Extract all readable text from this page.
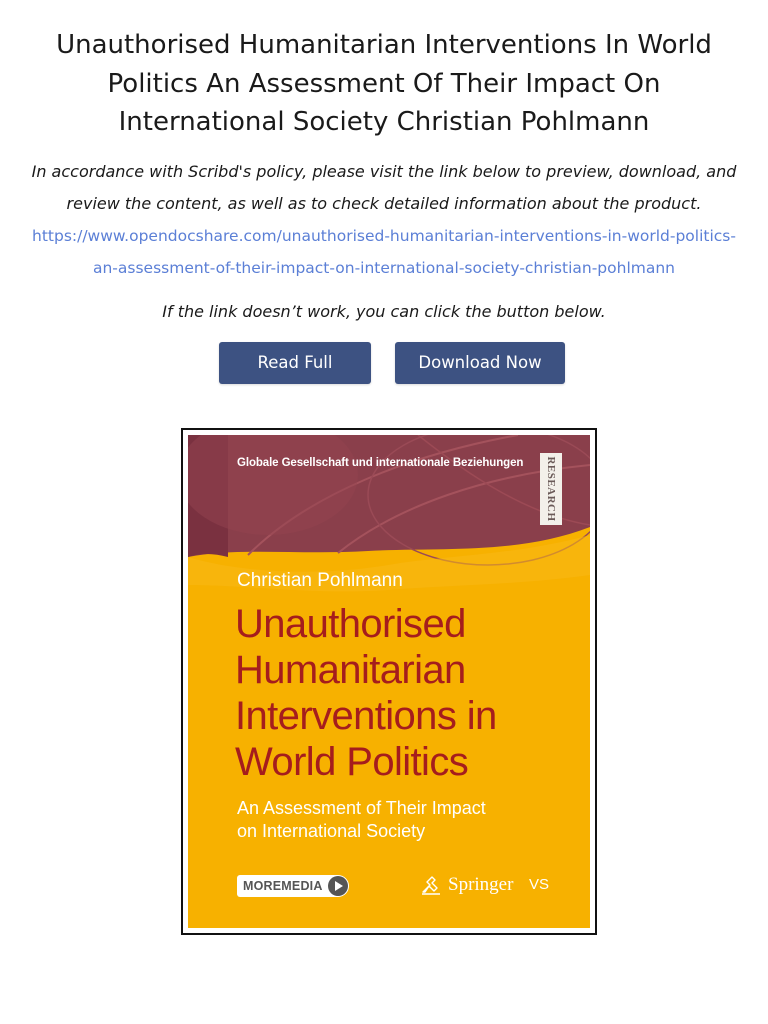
Unauthorised Humanitarian Interventions In World Politics An Assessment Of Their Impact On International Society Christian Pohlmann

In accordance with Scribd's policy, please visit the link below to preview, download, and review the content, as well as to check detailed information about the product.

https://www.opendocshare.com/unauthorised-humanitarian-interventions-in-world-politics-an-assessment-of-their-impact-on-international-society-christian-pohlmann

If the link doesn’t work, you can click the button below.

Read Full	Download Now
Globale Gesellschaft und internationale Beziehungen RESEARCH
Christian Pohlmann
Unauthorised
Humanitarian
Interventions in
World Politics
An Assessment of Their Impact
on International Society
MOREMEDIA	Springer VS
